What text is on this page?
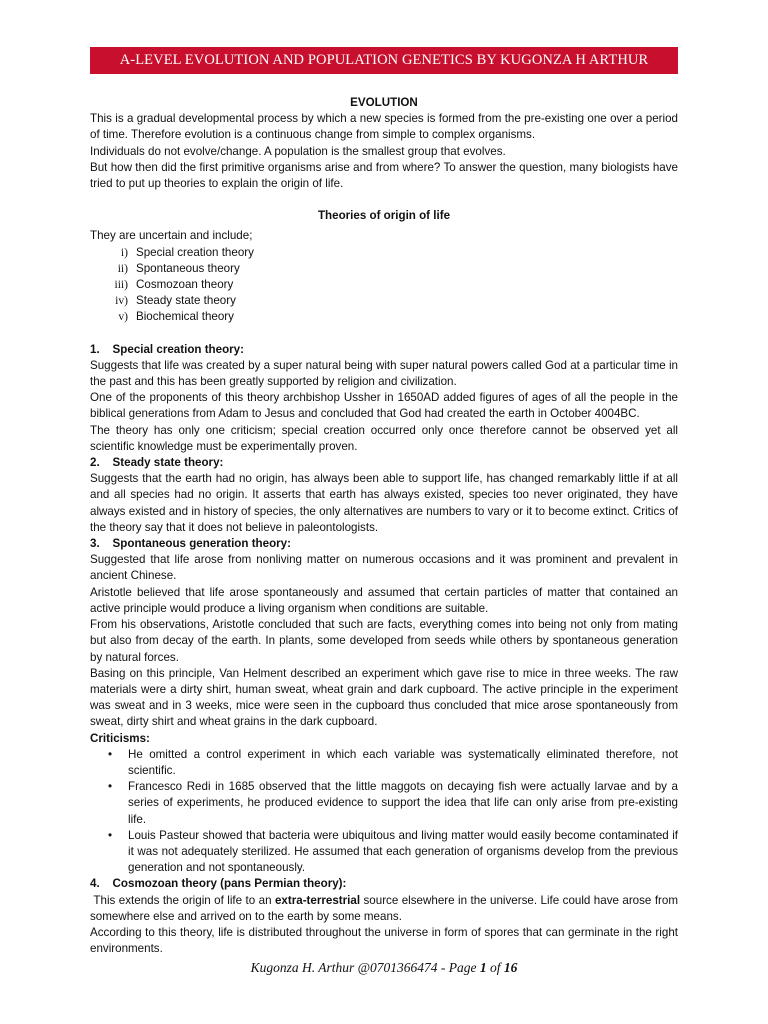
A-LEVEL EVOLUTION AND POPULATION GENETICS BY KUGONZA H ARTHUR

EVOLUTION

This is a gradual developmental process by which a new species is formed from the pre-existing one over a period of time. Therefore evolution is a continuous change from simple to complex organisms.

Individuals do not evolve/change. A population is the smallest group that evolves.

But how then did the first primitive organisms arise and from where? To answer the question, many biologists have tried to put up theories to explain the origin of life.

Theories of origin of life

They are uncertain and include;

i) Special creation theory
ii) Spontaneous theory
iii) Cosmozoan theory
iv) Steady state theory
v) Biochemical theory

1.    Special creation theory:

Suggests that life was created by a super natural being with super natural powers called God at a particular time in the past and this has been greatly supported by religion and civilization.

One of the proponents of this theory archbishop Ussher in 1650AD added figures of ages of all the people in the biblical generations from Adam to Jesus and concluded that God had created the earth in October 4004BC.

The theory has only one criticism; special creation occurred only once therefore cannot be observed yet all scientific knowledge must be experimentally proven.

2.    Steady state theory:

Suggests that the earth had no origin, has always been able to support life, has changed remarkably little if at all and all species had no origin. It asserts that earth has always existed, species too never originated, they have always existed and in history of species, the only alternatives are numbers to vary or it to become extinct. Critics of the theory say that it does not believe in paleontologists.

3.    Spontaneous generation theory:

Suggested that life arose from nonliving matter on numerous occasions and it was prominent and prevalent in ancient Chinese.

Aristotle believed that life arose spontaneously and assumed that certain particles of matter that contained an active principle would produce a living organism when conditions are suitable.

From his observations, Aristotle concluded that such are facts, everything comes into being not only from mating but also from decay of the earth. In plants, some developed from seeds while others by spontaneous generation by natural forces.

Basing on this principle, Van Helment described an experiment which gave rise to mice in three weeks. The raw materials were a dirty shirt, human sweat, wheat grain and dark cupboard. The active principle in the experiment was sweat and in 3 weeks, mice were seen in the cupboard thus concluded that mice arose spontaneously from sweat, dirty shirt and wheat grains in the dark cupboard.

Criticisms:

•	He omitted a control experiment in which each variable was systematically eliminated therefore, not scientific.
•	Francesco Redi in 1685 observed that the little maggots on decaying fish were actually larvae and by a series of experiments, he produced evidence to support the idea that life can only arise from pre-existing life.
•	Louis Pasteur showed that bacteria were ubiquitous and living matter would easily become contaminated if it was not adequately sterilized. He assumed that each generation of organisms develop from the previous generation and not spontaneously.

4.    Cosmozoan theory (pans Permian theory):

This extends the origin of life to an extra-terrestrial source elsewhere in the universe. Life could have arose from somewhere else and arrived on to the earth by some means.

According to this theory, life is distributed throughout the universe in form of spores that can germinate in the right environments.

Kugonza H. Arthur @0701366474 - Page 1 of 16
